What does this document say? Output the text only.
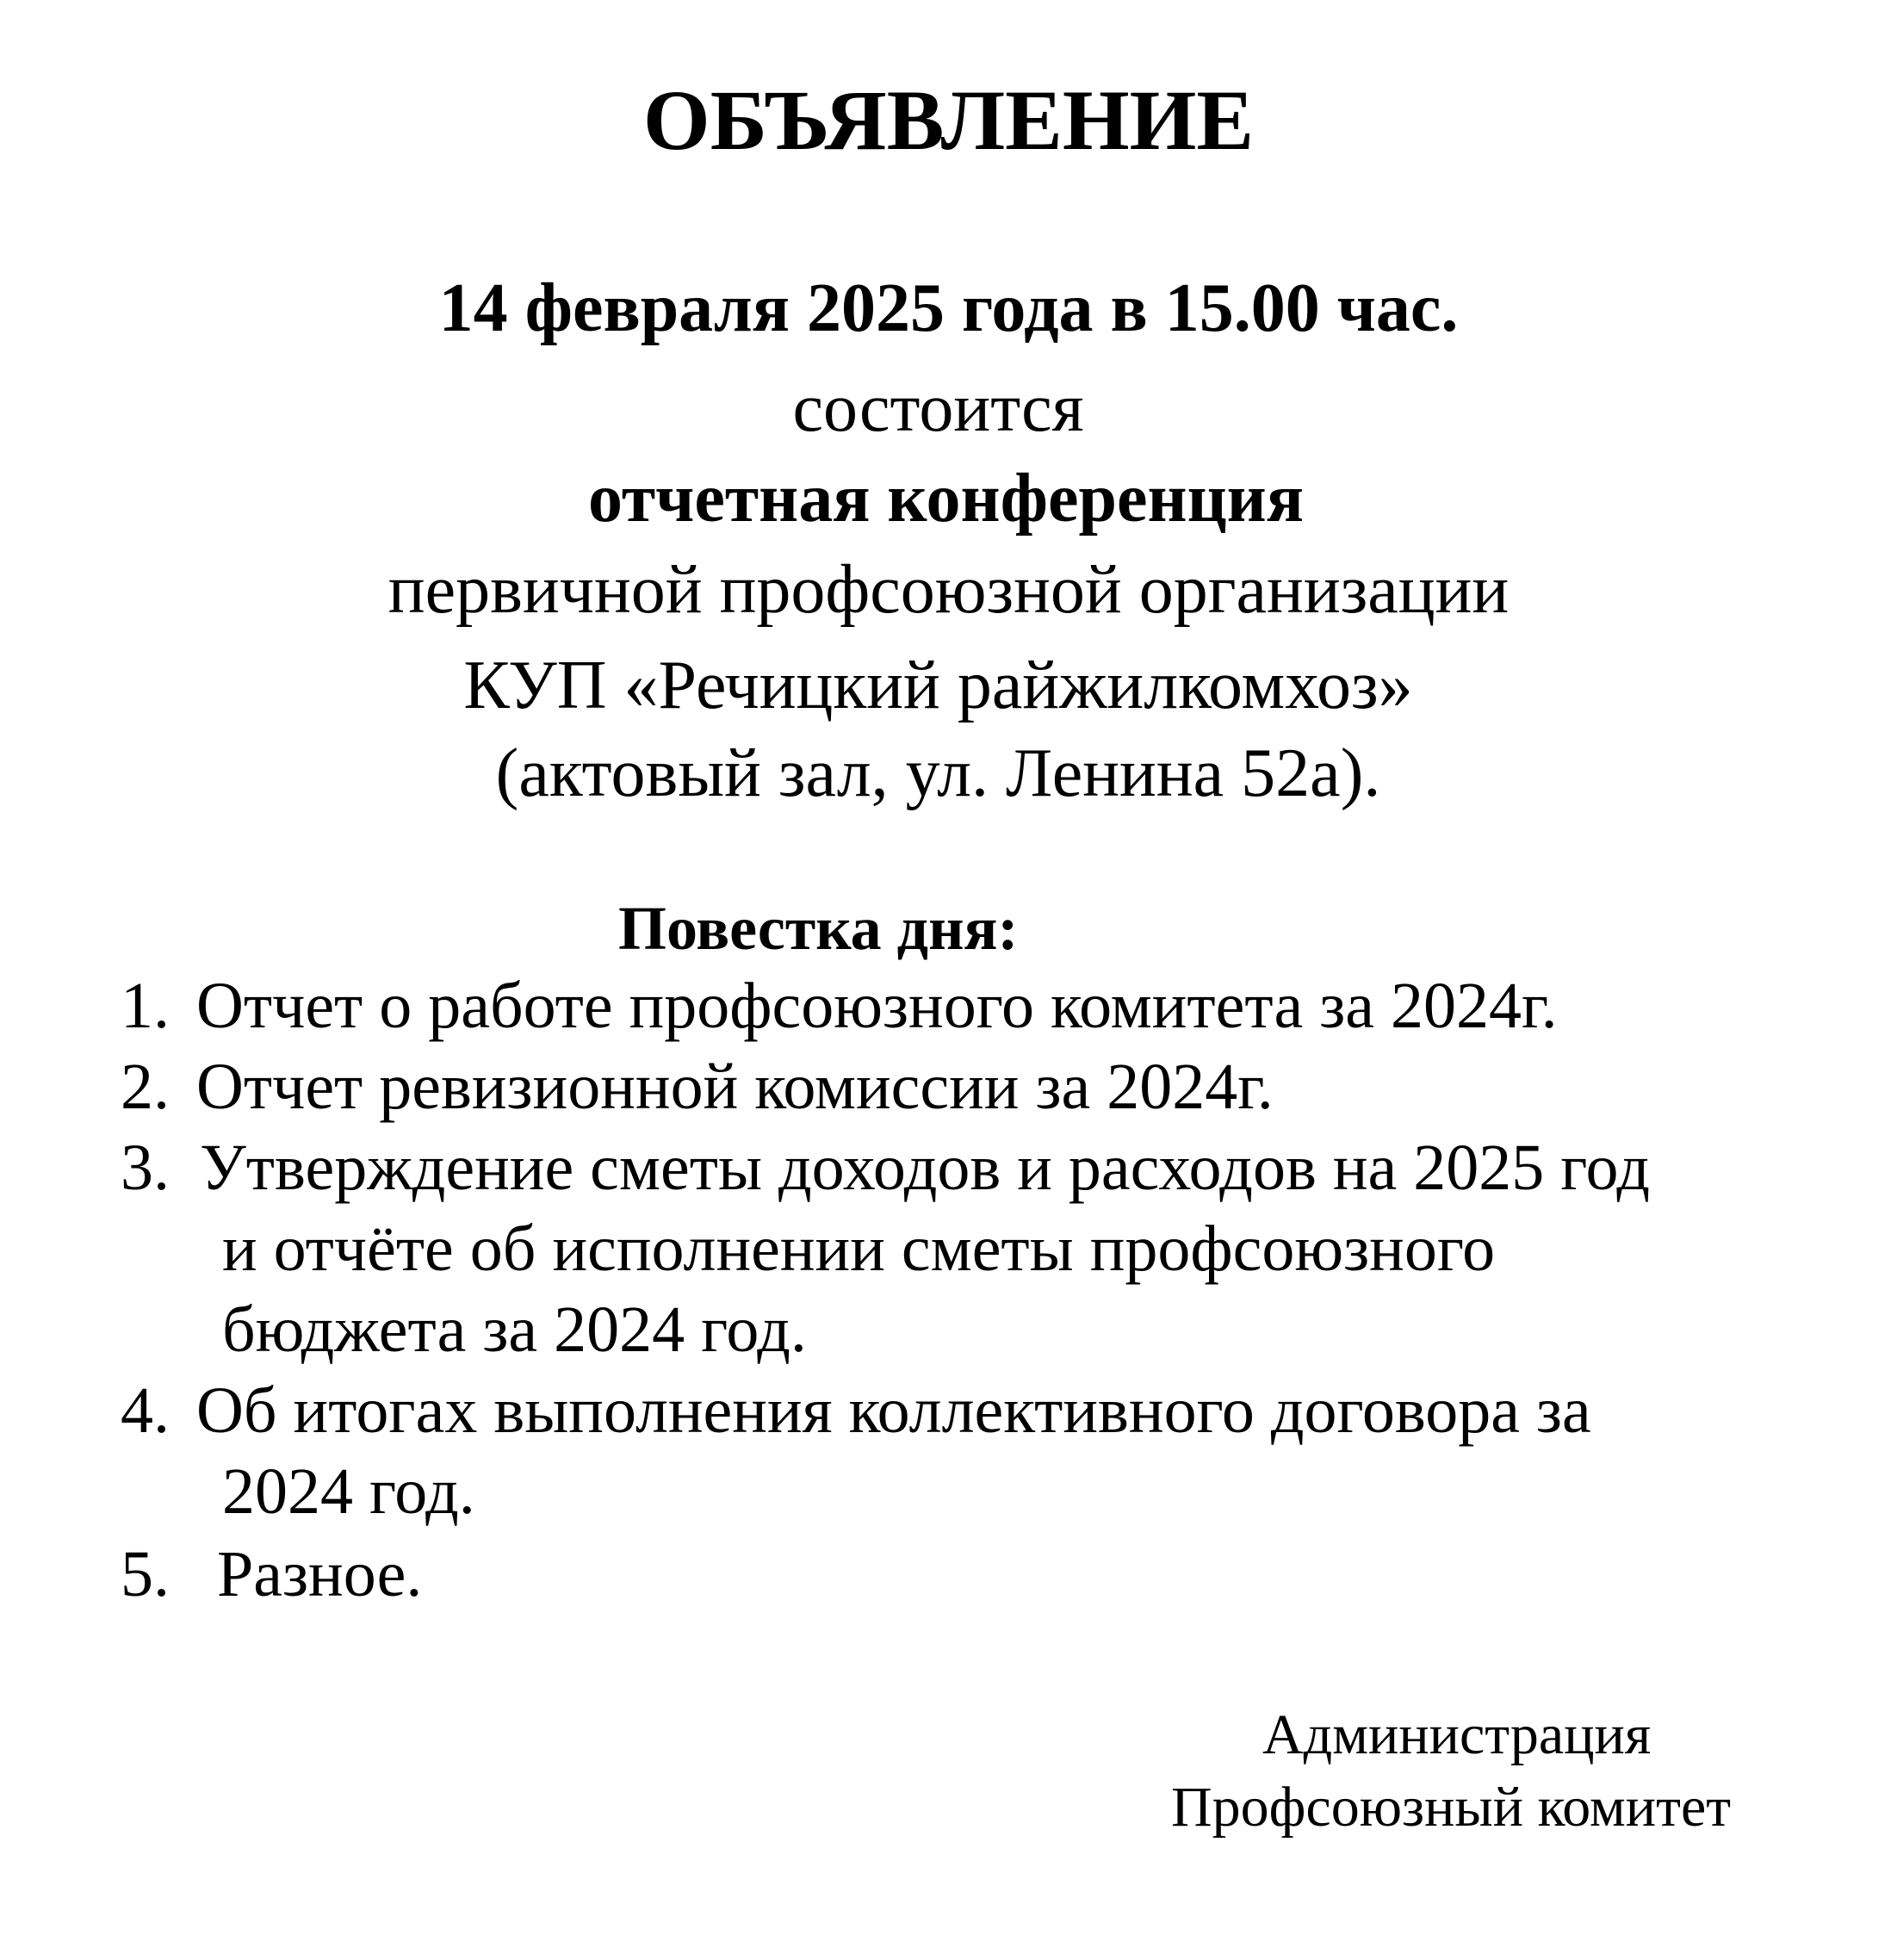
ОБЪЯВЛЕНИЕ
14 февраля 2025 года в 15.00 час.
состоится
отчетная конференция
первичной профсоюзной организации
КУП «Речицкий райжилкомхоз»
(актовый зал, ул. Ленина 52а).
Повестка дня:
1. Отчет о работе профсоюзного комитета за 2024г.
2. Отчет ревизионной комиссии за 2024г.
3. Утверждение сметы доходов и расходов на 2025 год
и отчёте об исполнении сметы профсоюзного
бюджета за 2024 год.
4. Об итогах выполнения коллективного договора за
2024 год.
5. Разное.
Администрация
Профсоюзный комитет
